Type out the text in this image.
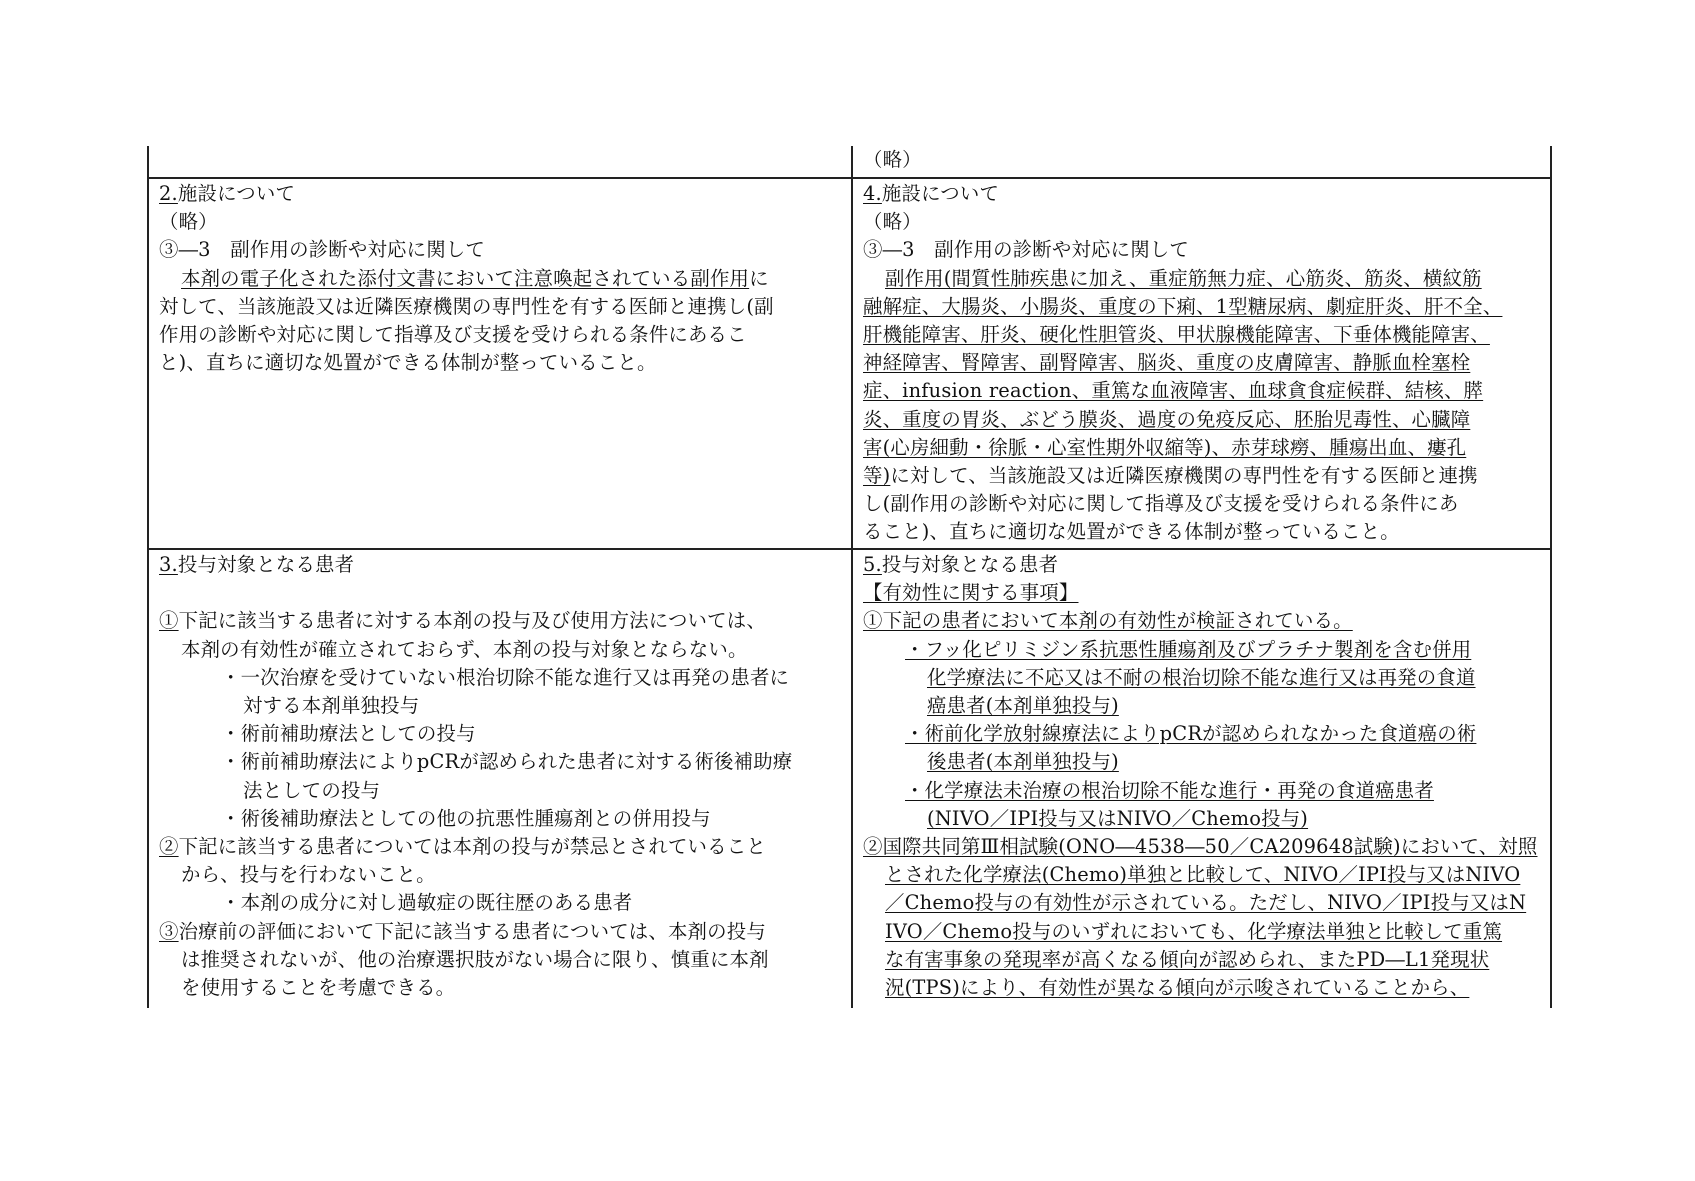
（略）

2.施設について

（略）

③―3　副作用の診断や対応に関して

本剤の電子化された添付文書において注意喚起されている副作用に

対して、当該施設又は近隣医療機関の専門性を有する医師と連携し(副

作用の診断や対応に関して指導及び支援を受けられる条件にあるこ

と)、直ちに適切な処置ができる体制が整っていること。

4.施設について

（略）

③―3　副作用の診断や対応に関して

副作用(間質性肺疾患に加え、重症筋無力症、心筋炎、筋炎、横紋筋

融解症、大腸炎、小腸炎、重度の下痢、1型糖尿病、劇症肝炎、肝不全、

肝機能障害、肝炎、硬化性胆管炎、甲状腺機能障害、下垂体機能障害、

神経障害、腎障害、副腎障害、脳炎、重度の皮膚障害、静脈血栓塞栓

症、infusion reaction、重篤な血液障害、血球貪食症候群、結核、膵

炎、重度の胃炎、ぶどう膜炎、過度の免疫反応、胚胎児毒性、心臓障

害(心房細動・徐脈・心室性期外収縮等)、赤芽球癆、腫瘍出血、瘻孔

等)に対して、当該施設又は近隣医療機関の専門性を有する医師と連携

し(副作用の診断や対応に関して指導及び支援を受けられる条件にあ

ること)、直ちに適切な処置ができる体制が整っていること。

3.投与対象となる患者

①下記に該当する患者に対する本剤の投与及び使用方法については、

本剤の有効性が確立されておらず、本剤の投与対象とならない。

・一次治療を受けていない根治切除不能な進行又は再発の患者に

対する本剤単独投与

・術前補助療法としての投与

・術前補助療法によりpCRが認められた患者に対する術後補助療

法としての投与

・術後補助療法としての他の抗悪性腫瘍剤との併用投与

②下記に該当する患者については本剤の投与が禁忌とされていること

から、投与を行わないこと。

・本剤の成分に対し過敏症の既往歴のある患者

③治療前の評価において下記に該当する患者については、本剤の投与

は推奨されないが、他の治療選択肢がない場合に限り、慎重に本剤

を使用することを考慮できる。

5.投与対象となる患者

【有効性に関する事項】

①下記の患者において本剤の有効性が検証されている。

・フッ化ピリミジン系抗悪性腫瘍剤及びプラチナ製剤を含む併用

化学療法に不応又は不耐の根治切除不能な進行又は再発の食道

癌患者(本剤単独投与)

・術前化学放射線療法によりpCRが認められなかった食道癌の術

後患者(本剤単独投与)

・化学療法未治療の根治切除不能な進行・再発の食道癌患者

(NIVO／IPI投与又はNIVO／Chemo投与)

②国際共同第Ⅲ相試験(ONO―4538―50／CA209648試験)において、対照

とされた化学療法(Chemo)単独と比較して、NIVO／IPI投与又はNIVO

／Chemo投与の有効性が示されている。ただし、NIVO／IPI投与又はN

IVO／Chemo投与のいずれにおいても、化学療法単独と比較して重篤

な有害事象の発現率が高くなる傾向が認められ、またPD―L1発現状

況(TPS)により、有効性が異なる傾向が示唆されていることから、
